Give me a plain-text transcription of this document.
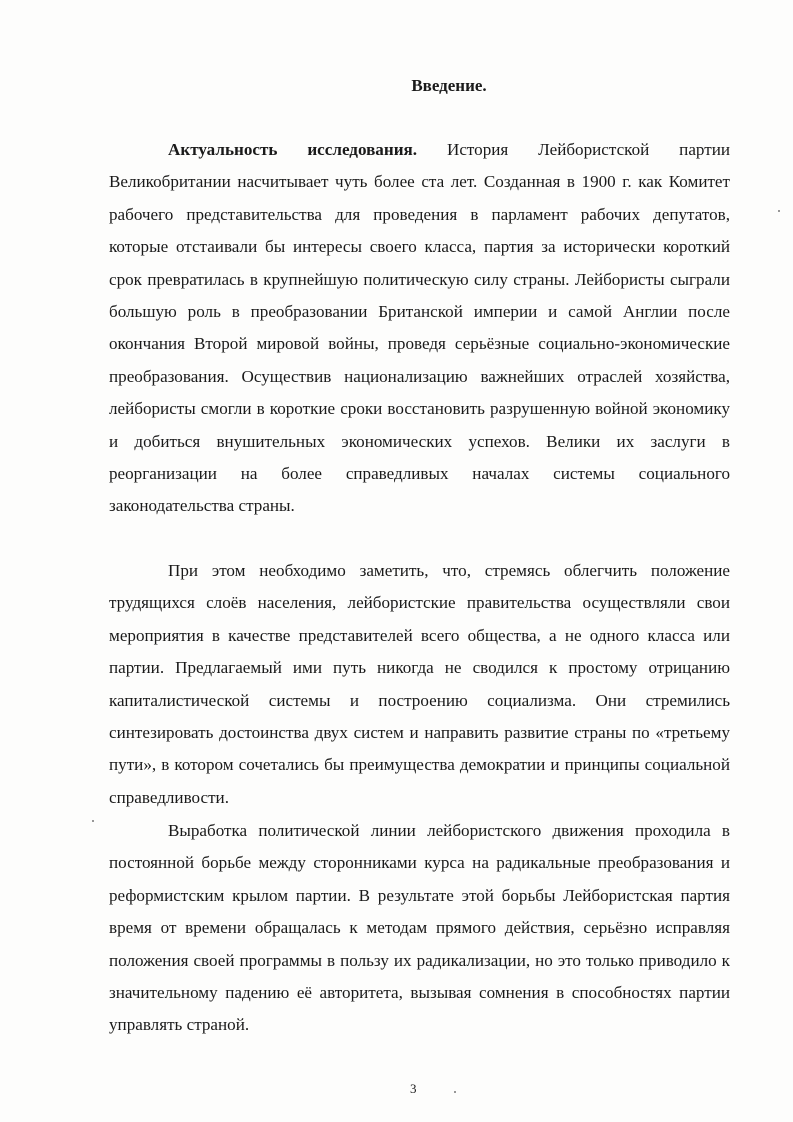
Введение.

Актуальность исследования. История Лейбористской партии Великобритании насчитывает чуть более ста лет. Созданная в 1900 г. как Комитет рабочего представительства для проведения в парламент рабочих депутатов, которые отстаивали бы интересы своего класса, партия за исторически короткий срок превратилась в крупнейшую политическую силу страны. Лейбористы сыграли большую роль в преобразовании Британской империи и самой Англии после окончания Второй мировой войны, проведя серьёзные социально-экономические преобразования. Осуществив национализацию важнейших отраслей хозяйства, лейбористы смогли в короткие сроки восстановить разрушенную войной экономику и добиться внушительных экономических успехов. Велики их заслуги в реорганизации на более справедливых началах системы социального законодательства страны.

При этом необходимо заметить, что, стремясь облегчить положение трудящихся слоёв населения, лейбористские правительства осуществляли свои мероприятия в качестве представителей всего общества, а не одного класса или партии. Предлагаемый ими путь никогда не сводился к простому отрицанию капиталистической системы и построению социализма. Они стремились синтезировать достоинства двух систем и направить развитие страны по «третьему пути», в котором сочетались бы преимущества демократии и принципы социальной справедливости.

Выработка политической линии лейбористского движения проходила в постоянной борьбе между сторонниками курса на радикальные преобразования и реформистским крылом партии. В результате этой борьбы Лейбористская партия время от времени обращалась к методам прямого действия, серьёзно исправляя положения своей программы в пользу их радикализации, но это только приводило к значительному падению её авторитета, вызывая сомнения в способностях партии управлять страной.

3
